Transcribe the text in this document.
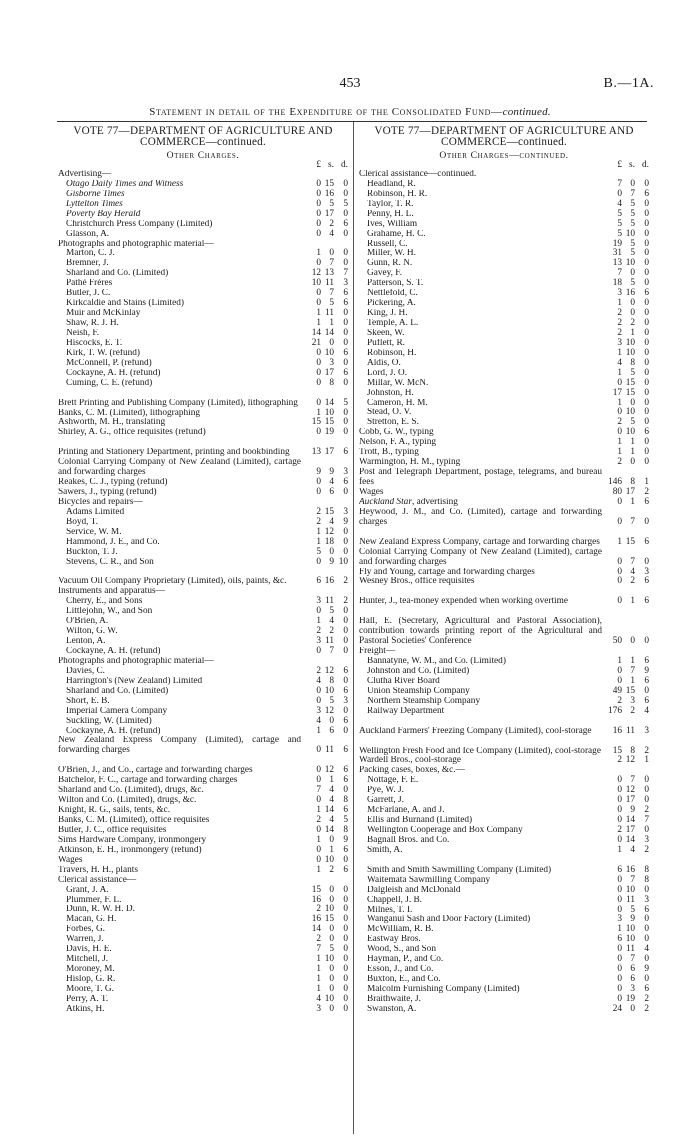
453	B.—1A.
Statement in detail of the Expenditure of the Consolidated Fund—continued.
VOTE 77—DEPARTMENT OF AGRICULTURE AND COMMERCE—continued.
Other Charges.
£ s. d.
Advertising—
Otago Daily Times and Witness	0 15	0
Gisborne Times	0 16	0
Lyttelton Times	0 5	5
Poverty Bay Herald	0 17	0
Christchurch Press Company (Limited)	0 2	6
Glasson, A.	0 4	0
Photographs and photographic material—
Marton, C. J.	1 0	0
Bremner, J.	0 7	0
Sharland and Co. (Limited)	12 13	7
Pathé Frères	10 11	3
Butler, J. C.	0 7	6
Kirkcaldie and Stains (Limited)	0 5	6
Muir and McKinlay	1 11	0
Shaw, R. J. H.	1 1	0
Neish, F.	14 14	0
Hiscocks, E. T.	21 0	0
Kirk, T. W. (refund)	0 10	6
McConnell, P. (refund)	0 3	0
Cockayne, A. H. (refund)	0 17	6
Cuming, C. E. (refund)	0 8	0
Brett Printing and Publishing Company (Limited), lithographing	0 14	5
Banks, C. M. (Limited), lithographing	1 10	0
Ashworth, M. H., translating	15 15	0
Shirley, A. G., office requisites (refund)	0 19	0
Printing and Stationery Department, printing and bookbinding	13 17	6
Colonial Carrying Company of New Zealand (Limited), cartage and forwarding charges	9 9	3
Reakes, C. J., typing (refund)	0 4	6
Sawers, J., typing (refund)	0 6	0
Bicycles and repairs—
Adams Limited	2 15	3
Boyd, T.	2 4	9
Service, W. M.	1 12	0
Hammond, J. E., and Co.	1 18	0
Buckton, T. J.	5 0	0
Stevens, C. R., and Son	0 9 10
Vacuum Oil Company Proprietary (Limited), oils, paints, &c.	6 16	2
Instruments and apparatus—
Cherry, E., and Sons	3 11	2
Littlejohn, W., and Son	0 5	0
O'Brien, A.	1 4	0
Wilton, G. W.	2 2	0
Lenton, A.	3 11	0
Cockayne, A. H. (refund)	0 7	0
Photographs and photographic material—
Davies, C.	2 12	6
Harrington's (New Zealand) Limited	4 8	0
Sharland and Co. (Limited)	0 10	6
Short, E. B.	0 5	3
Imperial Camera Company	3 12	0
Suckling, W. (Limited)	4 0	6
Cockayne, A. H. (refund)	1 6	0
New Zealand Express Company (Limited), cartage and forwarding charges	0 11	6
O'Brien, J., and Co., cartage and forwarding charges	0 12	6
Batchelor, F. C., cartage and forwarding charges	0 1	6
Sharland and Co. (Limited), drugs, &c.	7 4	0
Wilton and Co. (Limited), drugs, &c.	0 4	8
Knight, R. G., sails, tents, &c.	1 14	6
Banks, C. M. (Limited), office requisites	2 4	5
Butler, J. C., office requisites	0 14	8
Sims Hardware Company, ironmongery	1 0	9
Atkinson, E. H., ironmongery (refund)	0 1	6
Wages	0 10	0
Travers, H. H., plants	1 2	6
Clerical assistance—
Grant, J. A.	15 0	0
Plummer, F. L.	16 0	0
Dunn, R. W. H. D.	2 10	0
Macan, G. H.	16 15	0
Forbes, G.	14 0	0
Warren, J.	2 0	0
Davis, H. E.	7 5	0
Mitchell, J.	1 10	0
Moroney, M.	1 0	0
Hislop, G. R.	1 0	0
Moore, T. G.	1 0	0
Perry, A. T.	4 10	0
Atkins, H.	3 0	0
VOTE 77—DEPARTMENT OF AGRICULTURE AND COMMERCE—continued.
Other Charges—continued.
£ s. d.
Clerical assistance—continued.
Headland, R.	7 0	0
Robinson, H. R.	0 7	6
Taylor, T. R.	4 5	0
Penny, H. L.	5 5	0
Ives, William	5 5	0
Grahame, H. C.	5 10	0
Russell, C.	19 5	0
Miller, W. H.	31 5	0
Gunn, R. N.	13 10	0
Gavey, F.	7 0	0
Patterson, S. T.	18 5	0
Nettlefold, C.	3 16	6
Pickering, A.	1 0	0
King, J. H.	2 0	0
Temple, A. L.	2 2	0
Skeen, W.	2 1	0
Puflett, R.	3 10	0
Robinson, H.	1 10	0
Aldis, O.	4 8	0
Lord, J. O.	1 5	0
Millar, W. McN.	0 15	0
Johnston, H.	17 15	0
Cameron, H. M.	1 0	0
Stead, O. V.	0 10	0
Stretton, E. S.	2 5	0
Cobb, G. W., typing	0 10	6
Nelson, F. A., typing	1 1	0
Trott, B., typing	1 1	0
Warmington, H. M., typing	2 0	0
Post and Telegraph Department, postage, telegrams, and bureau fees	146 8	1
Wages	80 17	2
Auckland Star, advertising	0 1	6
Heywood, J. M., and Co. (Limited), cartage and forwarding charges	0 7	0
New Zealand Express Company, cartage and forwarding charges	1 15	6
Colonial Carrying Company of New Zealand (Limited), cartage and forwarding charges	0 7	0
Fly and Young, cartage and forwarding charges	0 4	3
Wesney Bros., office requisites	0 2	6
Hunter, J., tea-money expended when working overtime	0 1	6
Hall, E. (Secretary, Agricultural and Pastoral Association), contribution towards printing report of the Agricultural and Pastoral Societies' Conference	50 0	0
Freight—
Bannatyne, W. M., and Co. (Limited)	1 1	6
Johnston and Co. (Limited)	0 7	9
Clutha River Board	0 1	6
Union Steamship Company	49 15	0
Northern Steamship Company	2 3	6
Railway Department	176 2	4
Auckland Farmers' Freezing Company (Limited), cool-storage	16 11	3
Wellington Fresh Food and Ice Company (Limited), cool-storage	15 8	2
Wardell Bros., cool-storage	2 12	1
Packing cases, boxes, &c.—
Nottage, F. E.	0 7	0
Pye, W. J.	0 12	0
Garrett, J.	0 17	0
McFarlane, A. and J.	0 9	2
Ellis and Burnand (Limited)	0 14	7
Wellington Cooperage and Box Company	2 17	0
Bagnall Bros. and Co.	0 14	3
Smith, A.	1 4	2
Smith and Smith Sawmilling Company (Limited)	6 16	8
Waitemata Sawmilling Company	0 7	8
Dalgleish and McDonald	0 10	0
Chappell, J. B.	0 11	3
Milnes, T. I.	0 5	6
Wanganui Sash and Door Factory (Limited)	3 9	0
McWilliam, R. B.	1 10	0
Eastway Bros.	6 10	0
Wood, S., and Son	0 11	4
Hayman, P., and Co.	0 7	0
Esson, J., and Co.	0 6	9
Buxton, E., and Co.	0 6	0
Malcolm Furnishing Company (Limited)	0 3	6
Braithwaite, J.	0 19	2
Swanston, A.	24 0	2
